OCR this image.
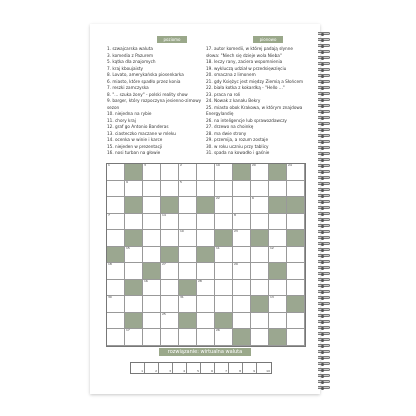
poziomo	pionowo
1. szwajcarska waluta
3. komedia z Pazurem
5. kątka dla znajomych
7. kraj kboujaisty
8. Lovato, amerykańska piosenkarka
6. miasto, które spadło przez konia
7. reszki zamczyska
8. "... szuka żony" - polski reality show
9. barger, który rozpoczyna jesienno-zimowy
sezon
10. niejedna na rybie
11. chory kraj
12. graf go Antonio Banderas
13. ciasteczko maczane w mleku
14. ocenka w winie i karce
15. niejeden w prezentacji
16. nosi turban na głowie
17. autor komedii, w której padają słynne
słowa: "Niech się dzieje wola Nieba"
18. leczy rany, zaciera wspomnienia
19. wykluczą udział w przedsięwzięciu
20. smaczna z limonem
21. gdy Księżyc jest między Ziemią a Słońcem
22. biała kotka z kokardką - "Hello ..."
23. praca na roli
24. Nowak z kanału Bekry
25. miasto obok Krakowa, w którym znajdowa
Energylandię
26. na inteligencje lub sprawozdawczy
27. drzewo na choinkę
28. ma dwie strony
29. przemija, a rozum zostaje
30. w roku uczniu przy tablicy
31. spada na kowadło i gaśnie
1	3	2	19	20	24
9	5
22	6
7	14	8
10	23
15	11	12
18	27	29
16	28
30	31	13
25
17	26
rozwiązanie: wirtualna waluta
1	2	3	4	5	6	7	8	9	10
